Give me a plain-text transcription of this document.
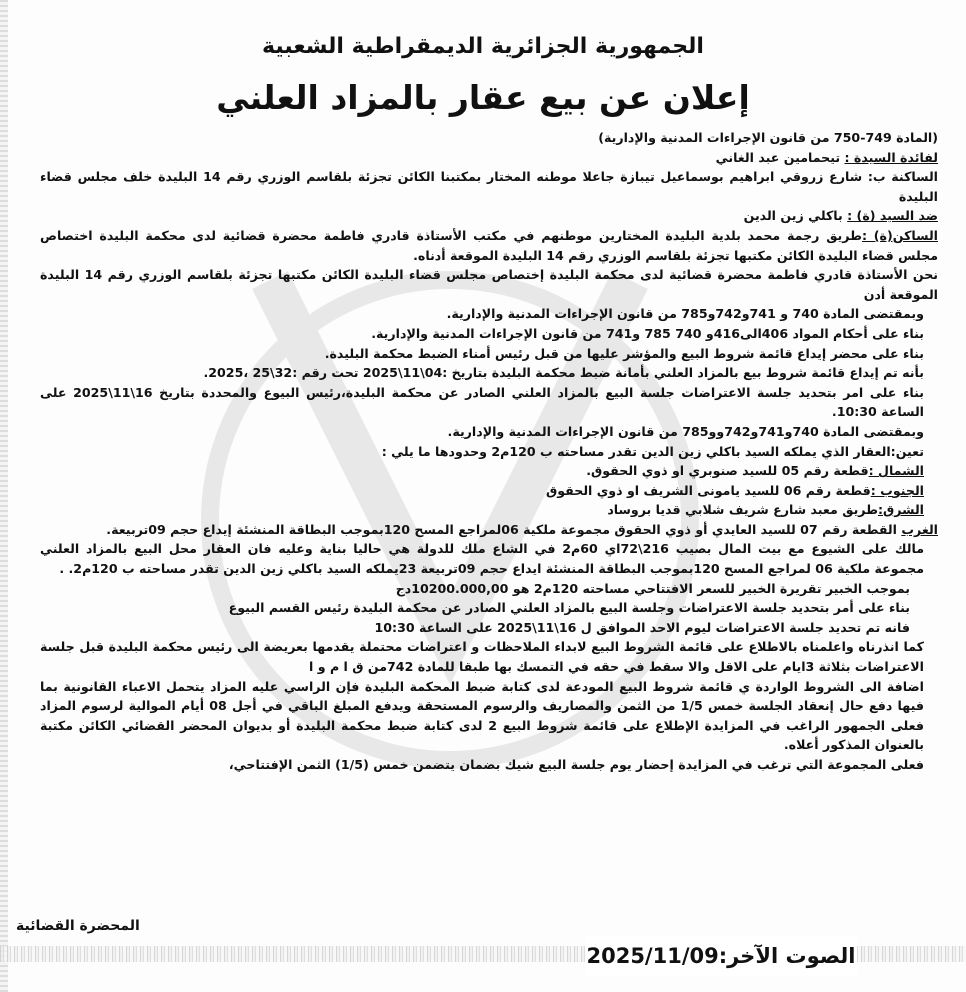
الجمهورية الجزائرية الديمقراطية الشعبية
إعلان عن بيع عقار بالمزاد العلني

(المادة 749-750 من قانون الإجراءات المدنية والإدارية)

لفائدة السيدة : تيحمامين عبد الغاني

الساكنة ب: شارع زروقي ابراهيم بوسماعيل تيبازة جاعلا موطنه المختار بمكتبنا الكائن تجزئة بلقاسم الوزري رقم 14 البليدة خلف مجلس قضاء البليدة

ضد السيد (ة) : باكلي زين الدين

الساكن(ة) :طريق رجمة محمد بلدية البليدة المختارين موطنهم في مكتب الأستاذة قادري فاطمة محضرة قضائية لدى محكمة البليدة اختصاص مجلس قضاء البليدة الكائن مكتبها تجزئة بلقاسم الوزري رقم 14 البليدة الموقعة أدناه.

نحن الأستاذة قادري فاطمة محضرة قضائية لدى محكمة البليدة إختصاص مجلس قضاء البليدة الكائن مكتبها تجزئة بلقاسم الوزري رقم 14 البليدة الموقعة أدن

وبمقتضى المادة 740 و 741و742و785 من قانون الإجراءات المدنية والإدارية.

بناء على أحكام المواد 406الى416و 740 785 و741 من قانون الإجراءات المدنية والإدارية.

بناء على محضر إيداع قائمة شروط البيع والمؤشر عليها من قبل رئيس أمناء الضبط محكمة البليدة.

بأنه تم إيداع قائمة شروط بيع بالمزاد العلني بأمانة ضبط محكمة البليدة بتاريخ :04\11\2025 تحت رقم :32\25 ،2025.

بناء على امر بتحديد جلسة الاعتراضات جلسة البيع بالمزاد العلني الصادر عن محكمة البليدة،رئيس البيوع والمحددة بتاريخ 16\11\2025 على الساعة 10:30.

وبمقتضى المادة 740و741و742وو785 من قانون الإجراءات المدنية والإدارية.

تعين:العقار الذي يملكه السيد باكلي زين الدين تقدر مساحته ب 120م2 وحدودها ما يلي :

الشمال :قطعة رقم 05 للسيد صنوبري او ذوي الحقوق.

الجنوب :قطعة رقم 06 للسيد يامونى الشريف او ذوي الحقوق

الشرق:طريق معبد شارع شريف شلابي قديا بروساد

الغرب القطعة رقم 07 للسيد العايدي أو ذوي الحقوق مجموعة ملكية 06لمراجع المسح 120بموجب البطاقة المنشئة إيداع حجم 09تربيعة.

مالك على الشيوع مع بيت المال بصيب 216\72اي 60م2 في الشاع ملك للدولة هي حاليا بناية وعليه فان العقار محل البيع بالمزاد العلني مجموعة ملكية 06 لمراجع المسح 120بموجب البطاقة المنشئة ايداع حجم 09تربيعة 23يملكه السيد باكلي زين الدين تقدر مساحته ب 120م2. .

بموجب الخبير تقريرة الخبير للسعر الافتتاحي مساحته 120م2 هو 10200.000,00دج

بناء على أمر بتحديد جلسة الاعتراضات وجلسة البيع بالمزاد العلني الصادر عن محكمة البليدة رئيس القسم البيوع

فانه تم تحديد جلسة الاعتراضات ليوم الاحد الموافق ل 16\11\2025 على الساعة 10:30

كما انذرناه واعلمناه بالاطلاع على قائمة الشروط البيع لابداء الملاحظات و اعتراضات محتملة يقدمها بعريضة الى رئيس محكمة البليدة قبل جلسة الاعتراضات بثلاثة 3ايام على الاقل والا سقط في حقه في التمسك بها طبقا للمادة 742من ق ا م و ا

اضافة الى الشروط الواردة ي قائمة شروط البيع المودعة لدى كتابة ضبط المحكمة البليدة فإن الراسي عليه المزاد يتحمل الاعباء القانونية بما فيها دفع حال إنعقاد الجلسة خمس 1/5 من الثمن والمصاريف والرسوم المستحقة ويدفع المبلغ الباقي في أجل 08 أيام الموالية لرسوم المزاد فعلى الجمهور الراغب في المزايدة الإطلاع على قائمة شروط البيع 2 لدى كتابة ضبط محكمة البليدة أو بديوان المحضر القضائي الكائن مكتبة بالعنوان المذكور أعلاه.

فعلى المجموعة التي ترغب في المزايدة إحضار يوم جلسة البيع شيك بضمان يتضمن خمس (1/5) الثمن الإفتتاحي،

المحضرة القضائية
الصوت الآخر:2025/11/09
